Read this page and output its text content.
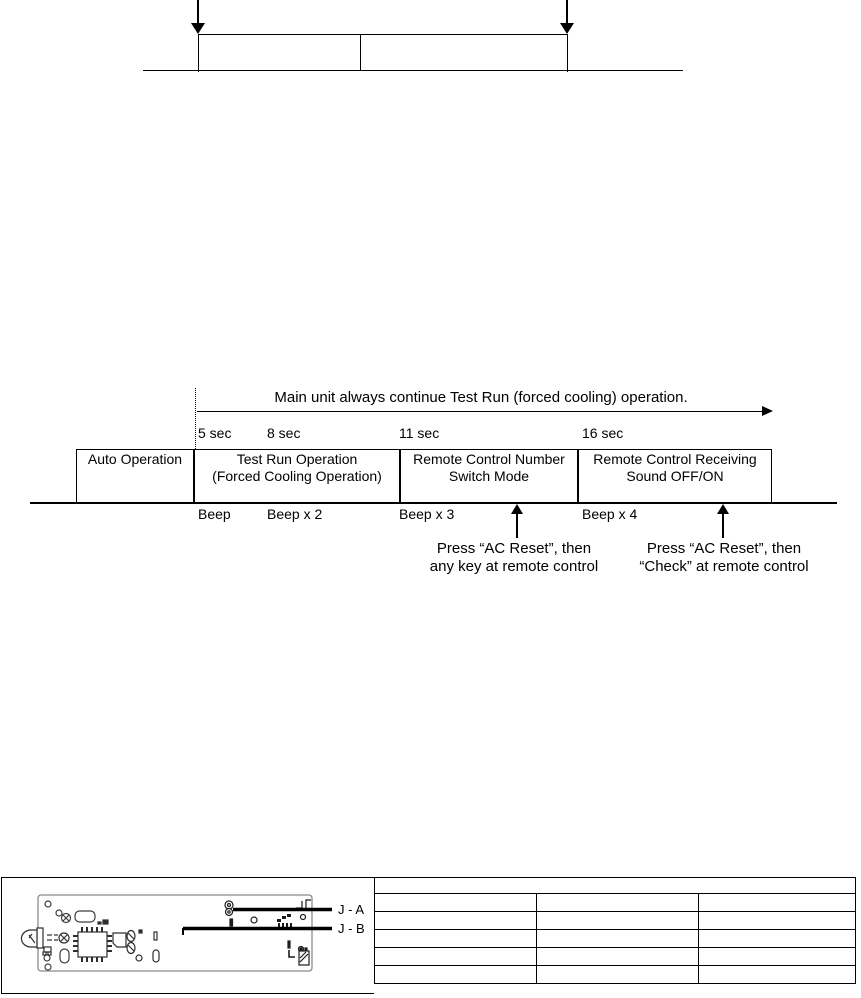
Main unit always continue Test Run (forced cooling) operation.
5 sec	8 sec	11 sec	16 sec
Auto Operation	Test Run Operation
(Forced Cooling Operation)
Remote Control Number
Switch Mode
Remote Control Receiving
Sound OFF/ON
Beep	Beep x 2	Beep x 3	Beep x 4
Press “AC Reset”, then
any key at remote control
Press “AC Reset”, then
“Check” at remote control
J - A
J - B
